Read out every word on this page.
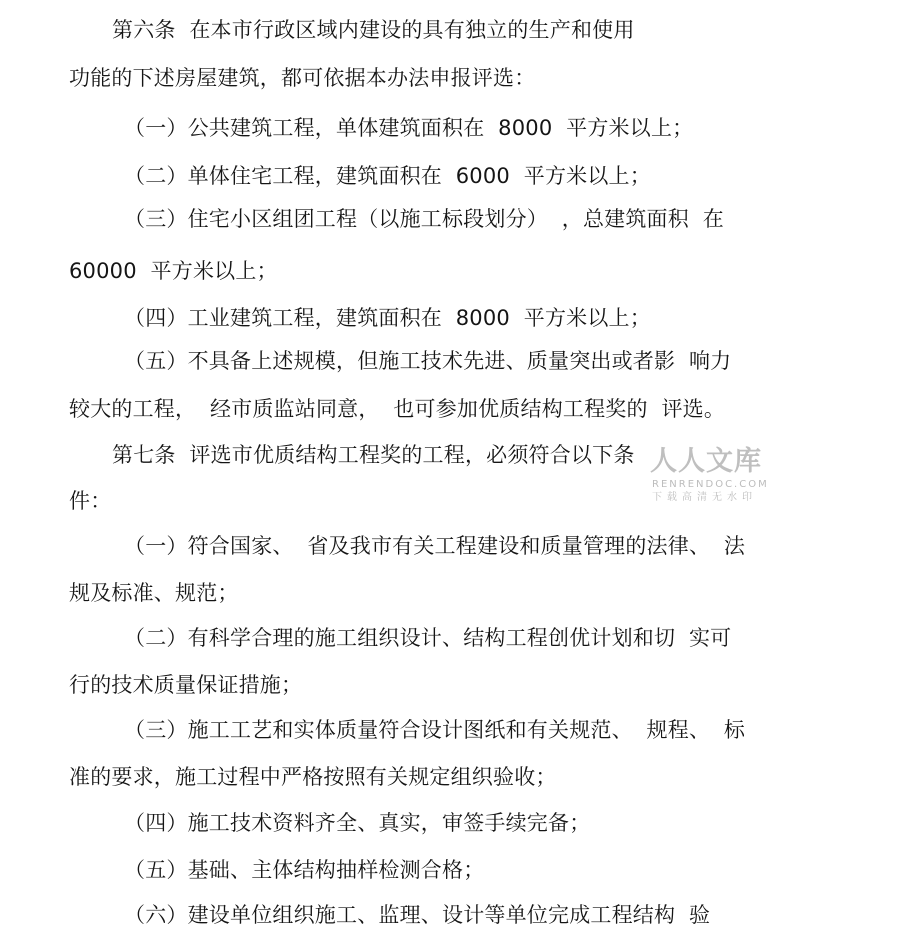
第六条  在本市行政区域内建设的具有独立的生产和使用
功能的下述房屋建筑，都可依据本办法申报评选：
（一）公共建筑工程，单体建筑面积在  8000  平方米以上；
（二）单体住宅工程，建筑面积在  6000  平方米以上；
（三）住宅小区组团工程（以施工标段划分）  ，总建筑面积  在
60000  平方米以上；
（四）工业建筑工程，建筑面积在  8000  平方米以上；
（五）不具备上述规模，但施工技术先进、质量突出或者影  响力
较大的工程，  经市质监站同意，  也可参加优质结构工程奖的  评选。
第七条  评选市优质结构工程奖的工程，必须符合以下条
件：
（一）符合国家、  省及我市有关工程建设和质量管理的法律、  法
规及标准、规范；
（二）有科学合理的施工组织设计、结构工程创优计划和切  实可
行的技术质量保证措施；
（三）施工工艺和实体质量符合设计图纸和有关规范、  规程、  标
准的要求，施工过程中严格按照有关规定组织验收；
（四）施工技术资料齐全、真实，审签手续完备；
（五）基础、主体结构抽样检测合格；
（六）建设单位组织施工、监理、设计等单位完成工程结构  验
人人文库
RENRENDOC.COM
下载高清无水印
